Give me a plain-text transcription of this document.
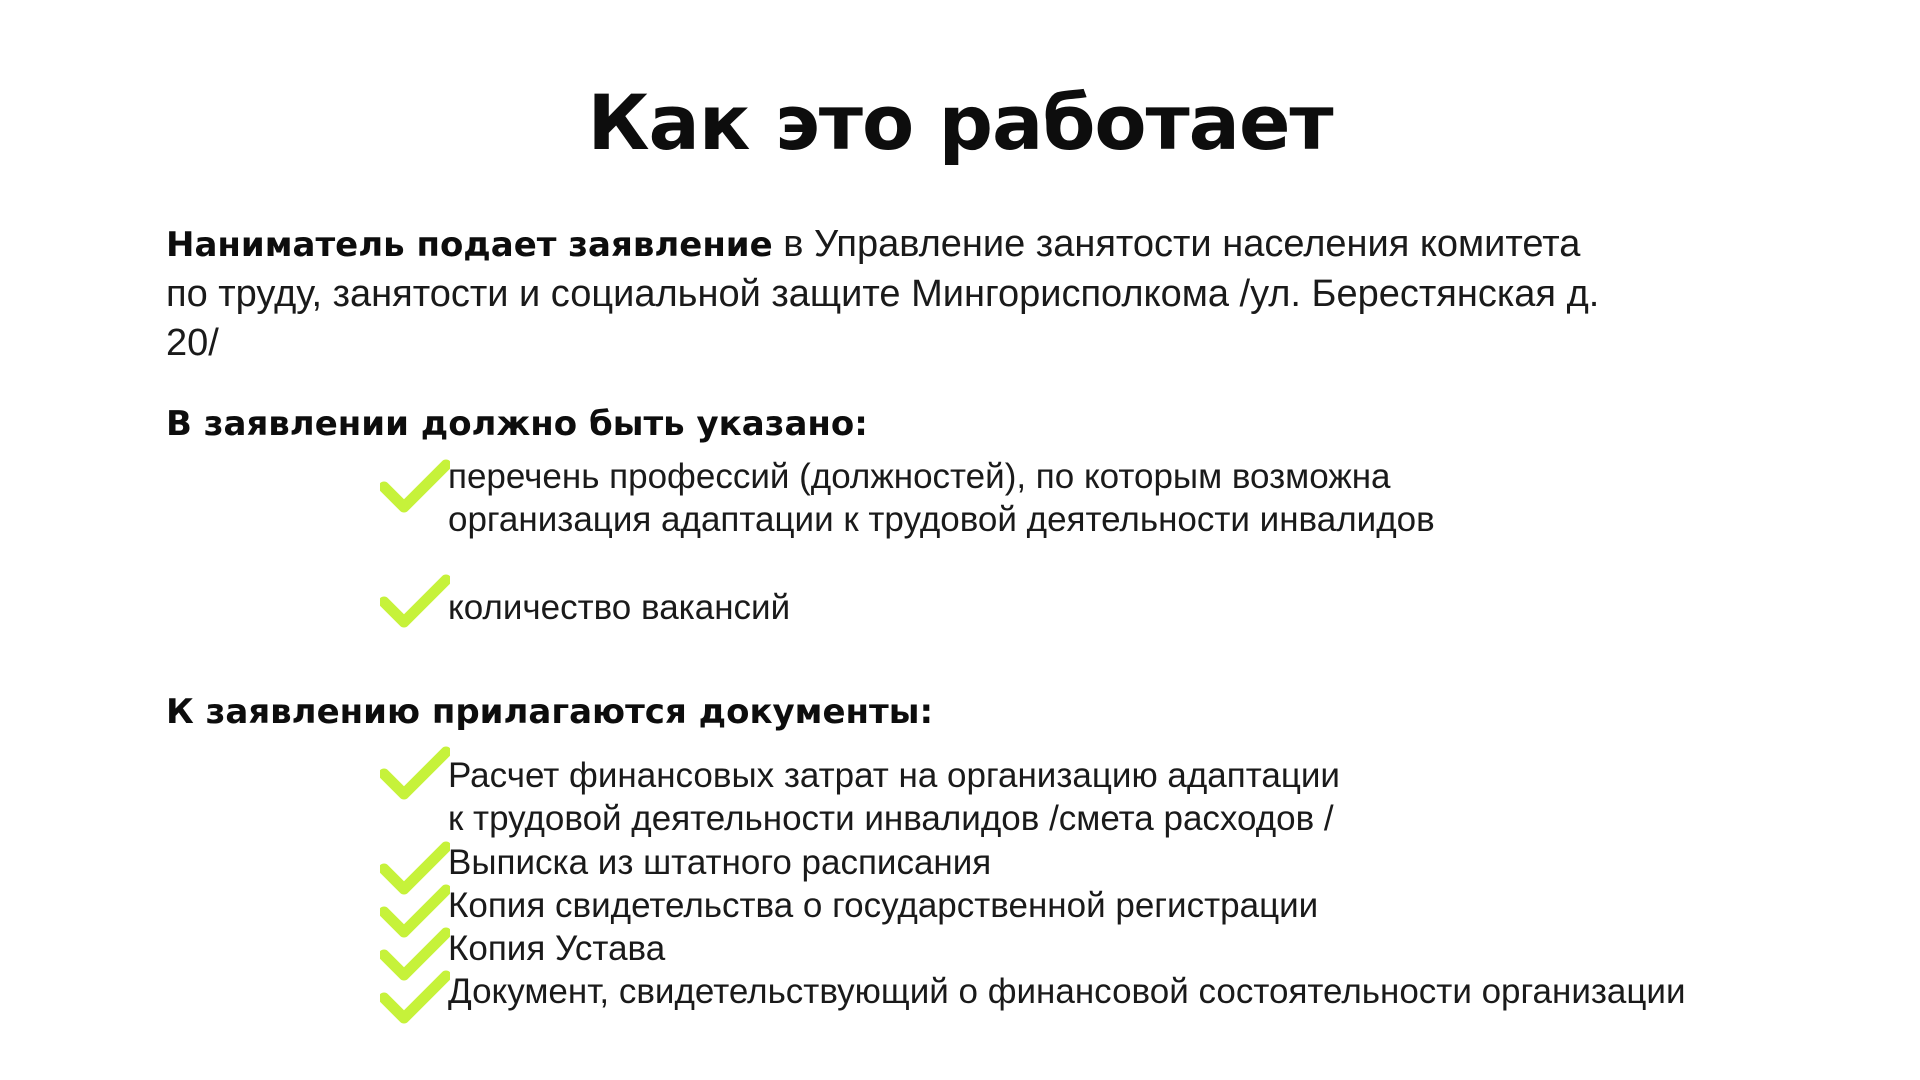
Как это работает

Наниматель подает заявление в Управление занятости населения комитета по труду, занятости и социальной защите Мингорисполкома /ул. Берестянская д. 20/

В заявлении должно быть указано:
перечень профессий (должностей), по которым возможна
организация адаптации к трудовой деятельности инвалидов
количество вакансий
К заявлению прилагаются документы:
Расчет финансовых затрат на организацию адаптации
к трудовой деятельности инвалидов /смета расходов /
Выписка из штатного расписания
Копия свидетельства о государственной регистрации
Копия Устава
Документ, свидетельствующий о финансовой состоятельности организации
